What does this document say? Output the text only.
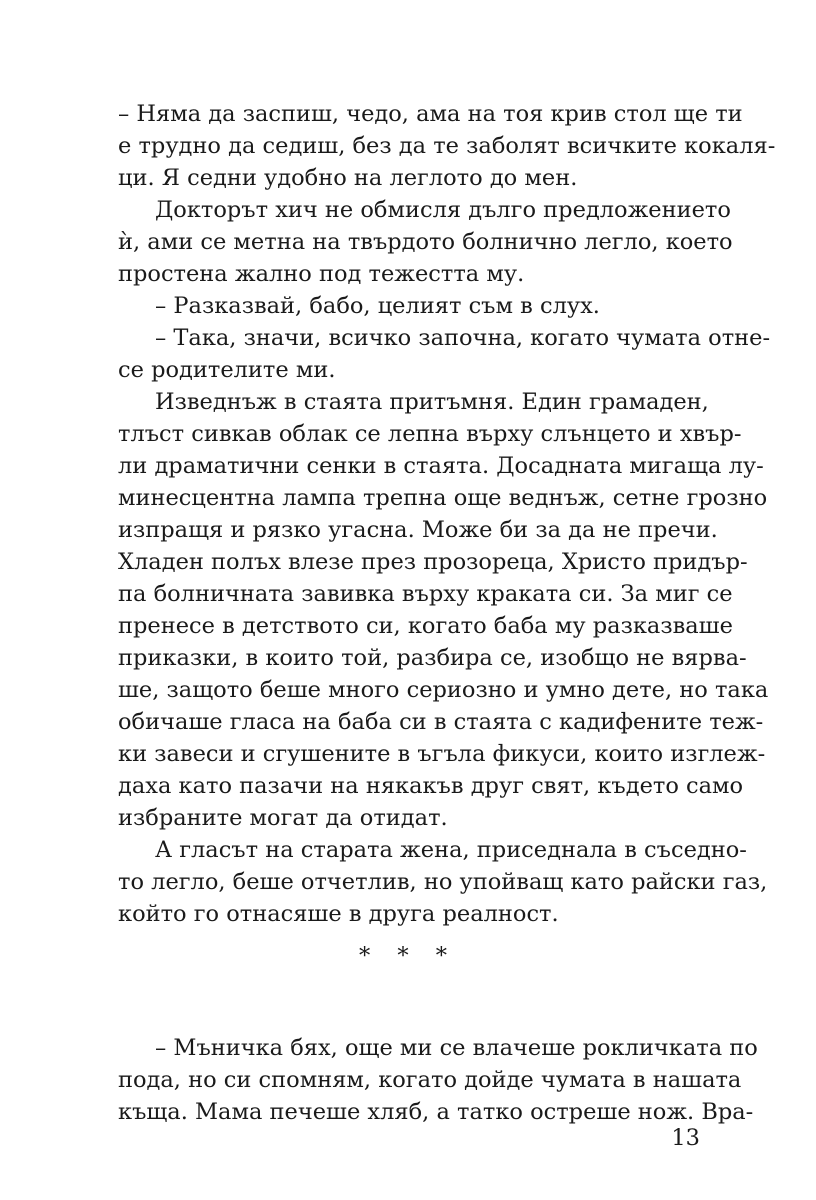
– Няма да заспиш, чедо, ама на тоя крив стол ще ти
е трудно да седиш, без да те заболят всичките кокаля-
ци. Я седни удобно на леглото до мен.
Докторът хич не обмисля дълго предложението
ѝ, ами се метна на твърдото болнично легло, което
простена жално под тежестта му.
– Разказвай, бабо, целият съм в слух.
– Така, значи, всичко започна, когато чумата отне-
се родителите ми.
Изведнъж в стаята притъмня. Един грамаден,
тлъст сивкав облак се лепна върху слънцето и хвър-
ли драматични сенки в стаята. Досадната мигаща лу-
минесцентна лампа трепна още веднъж, сетне грозно
изпращя и рязко угасна. Може би за да не пречи.
Хладен полъх влезе през прозореца, Христо придър-
па болничната завивка върху краката си. За миг се
пренесе в детството си, когато баба му разказваше
приказки, в които той, разбира се, изобщо не вярва-
ше, защото беше много сериозно и умно дете, но така
обичаше гласа на баба си в стаята с кадифените теж-
ки завеси и сгушените в ъгъла фикуси, които изглеж-
даха като пазачи на някакъв друг свят, където само
избраните могат да отидат.
А гласът на старата жена, приседнала в съседно-
то легло, беше отчетлив, но упойващ като райски газ,
който го отнасяше в друга реалност.
* * *
– Мъничка бях, още ми се влачеше рокличката по
пода, но си спомням, когато дойде чумата в нашата
къща. Мама печеше хляб, а татко остреше нож. Вра-
13
